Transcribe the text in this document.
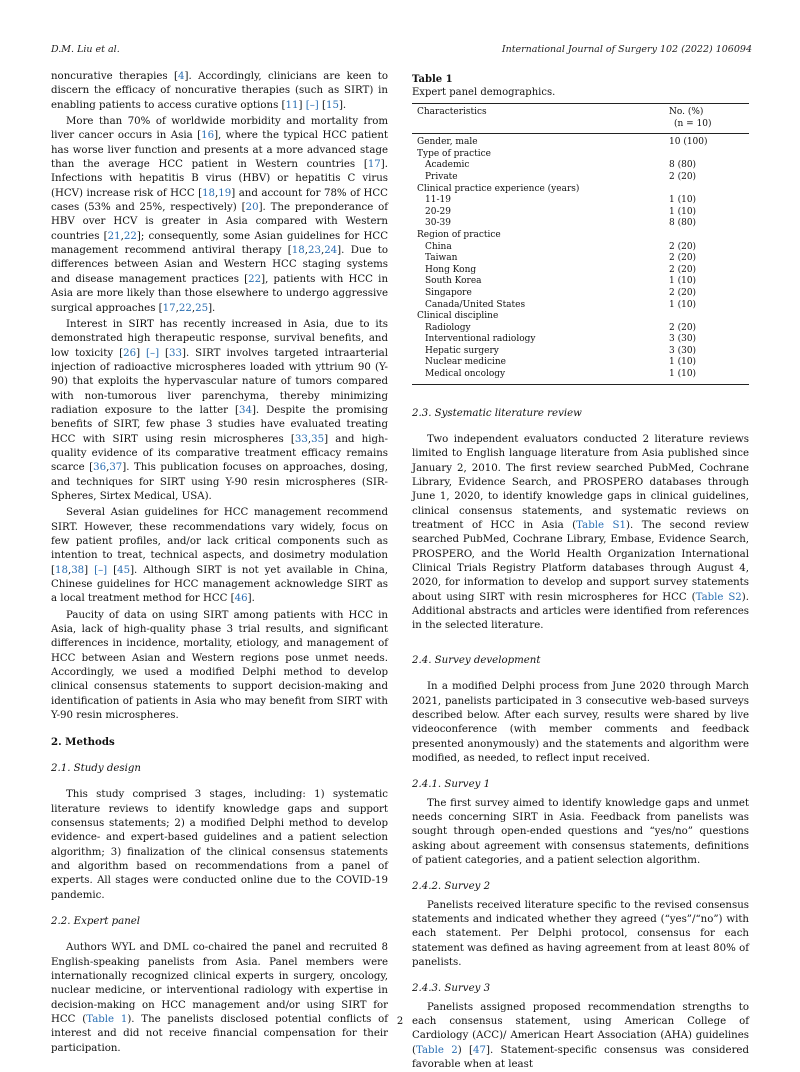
D.M. Liu et al.	International Journal of Surgery 102 (2022) 106094

noncurative therapies [4]. Accordingly, clinicians are keen to discern the efficacy of noncurative therapies (such as SIRT) in enabling patients to access curative options [11] [–] [15].

More than 70% of worldwide morbidity and mortality from liver cancer occurs in Asia [16], where the typical HCC patient has worse liver function and presents at a more advanced stage than the average HCC patient in Western countries [17]. Infections with hepatitis B virus (HBV) or hepatitis C virus (HCV) increase risk of HCC [18,19] and account for 78% of HCC cases (53% and 25%, respectively) [20]. The preponderance of HBV over HCV is greater in Asia compared with Western countries [21,22]; consequently, some Asian guidelines for HCC management recommend antiviral therapy [18,23,24]. Due to differences between Asian and Western HCC staging systems and disease management practices [22], patients with HCC in Asia are more likely than those elsewhere to undergo aggressive surgical approaches [17,22,25].

Interest in SIRT has recently increased in Asia, due to its demonstrated high therapeutic response, survival benefits, and low toxicity [26] [–] [33]. SIRT involves targeted intraarterial injection of radioactive microspheres loaded with yttrium 90 (Y-90) that exploits the hypervascular nature of tumors compared with non-tumorous liver parenchyma, thereby minimizing radiation exposure to the latter [34]. Despite the promising benefits of SIRT, few phase 3 studies have evaluated treating HCC with SIRT using resin microspheres [33,35] and high-quality evidence of its comparative treatment efficacy remains scarce [36,37]. This publication focuses on approaches, dosing, and techniques for SIRT using Y-90 resin microspheres (SIR-Spheres, Sirtex Medical, USA).

Several Asian guidelines for HCC management recommend SIRT. However, these recommendations vary widely, focus on few patient profiles, and/or lack critical components such as intention to treat, technical aspects, and dosimetry modulation [18,38] [–] [45]. Although SIRT is not yet available in China, Chinese guidelines for HCC management acknowledge SIRT as a local treatment method for HCC [46].

Paucity of data on using SIRT among patients with HCC in Asia, lack of high-quality phase 3 trial results, and significant differences in incidence, mortality, etiology, and management of HCC between Asian and Western regions pose unmet needs. Accordingly, we used a modified Delphi method to develop clinical consensus statements to support decision-making and identification of patients in Asia who may benefit from SIRT with Y-90 resin microspheres.

2. Methods
2.1. Study design

This study comprised 3 stages, including: 1) systematic literature reviews to identify knowledge gaps and support consensus statements; 2) a modified Delphi method to develop evidence- and expert-based guidelines and a patient selection algorithm; 3) finalization of the clinical consensus statements and algorithm based on recommendations from a panel of experts. All stages were conducted online due to the COVID-19 pandemic.

2.2. Expert panel

Authors WYL and DML co-chaired the panel and recruited 8 English-speaking panelists from Asia. Panel members were internationally recognized clinical experts in surgery, oncology, nuclear medicine, or interventional radiology with expertise in decision-making on HCC management and/or using SIRT for HCC (Table 1). The panelists disclosed potential conflicts of interest and did not receive financial compensation for their participation.

Table 1
Expert panel demographics.
Characteristics	No. (%)
(n = 10)
Gender, male	10 (100)
Type of practice	
Academic	8 (80)
Private	2 (20)
Clinical practice experience (years)	
11-19	1 (10)
20-29	1 (10)
30-39	8 (80)
Region of practice	
China	2 (20)
Taiwan	2 (20)
Hong Kong	2 (20)
South Korea	1 (10)
Singapore	2 (20)
Canada/United States	1 (10)
Clinical discipline	
Radiology	2 (20)
Interventional radiology	3 (30)
Hepatic surgery	3 (30)
Nuclear medicine	1 (10)
Medical oncology	1 (10)
2.3. Systematic literature review

Two independent evaluators conducted 2 literature reviews limited to English language literature from Asia published since January 2, 2010. The first review searched PubMed, Cochrane Library, Evidence Search, and PROSPERO databases through June 1, 2020, to identify knowledge gaps in clinical guidelines, clinical consensus statements, and systematic reviews on treatment of HCC in Asia (Table S1). The second review searched PubMed, Cochrane Library, Embase, Evidence Search, PROSPERO, and the World Health Organization International Clinical Trials Registry Platform databases through August 4, 2020, for information to develop and support survey statements about using SIRT with resin microspheres for HCC (Table S2). Additional abstracts and articles were identified from references in the selected literature.

2.4. Survey development

In a modified Delphi process from June 2020 through March 2021, panelists participated in 3 consecutive web-based surveys described below. After each survey, results were shared by live videoconference (with member comments and feedback presented anonymously) and the statements and algorithm were modified, as needed, to reflect input received.

2.4.1. Survey 1

The first survey aimed to identify knowledge gaps and unmet needs concerning SIRT in Asia. Feedback from panelists was sought through open-ended questions and “yes/no” questions asking about agreement with consensus statements, definitions of patient categories, and a patient selection algorithm.

2.4.2. Survey 2

Panelists received literature specific to the revised consensus statements and indicated whether they agreed (“yes”/“no”) with each statement. Per Delphi protocol, consensus for each statement was defined as having agreement from at least 80% of panelists.

2.4.3. Survey 3

Panelists assigned proposed recommendation strengths to each consensus statement, using American College of Cardiology (ACC)/ American Heart Association (AHA) guidelines (Table 2) [47]. Statement-specific consensus was considered favorable when at least

2
